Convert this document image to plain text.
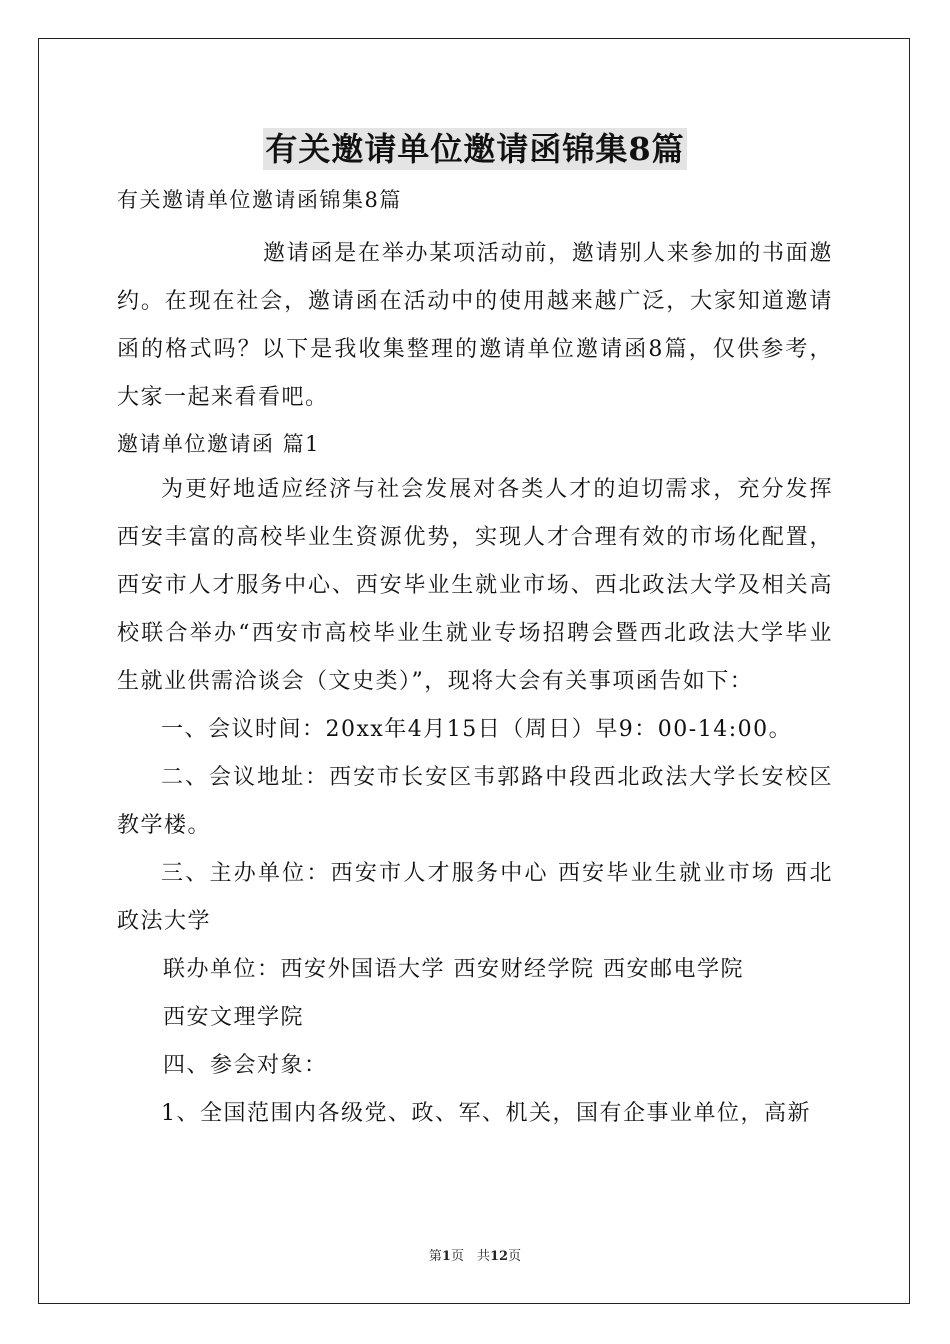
有关邀请单位邀请函锦集8篇

有关邀请单位邀请函锦集8篇

邀请函是在举办某项活动前，邀请别人来参加的书面邀约。在现在社会，邀请函在活动中的使用越来越广泛，大家知道邀请函的格式吗？以下是我收集整理的邀请单位邀请函8篇，仅供参考，大家一起来看看吧。

邀请单位邀请函 篇1

为更好地适应经济与社会发展对各类人才的迫切需求，充分发挥西安丰富的高校毕业生资源优势，实现人才合理有效的市场化配置，西安市人才服务中心、西安毕业生就业市场、西北政法大学及相关高校联合举办“西安市高校毕业生就业专场招聘会暨西北政法大学毕业生就业供需洽谈会（文史类）”，现将大会有关事项函告如下：

一、会议时间：20xx年4月15日（周日）早9：00-14:00。

二、会议地址：西安市长安区韦郭路中段西北政法大学长安校区教学楼。

三、主办单位：西安市人才服务中心 西安毕业生就业市场 西北政法大学

联办单位：西安外国语大学 西安财经学院 西安邮电学院

西安文理学院

四、参会对象：

1、全国范围内各级党、政、军、机关，国有企事业单位，高新

第1页　共12页
